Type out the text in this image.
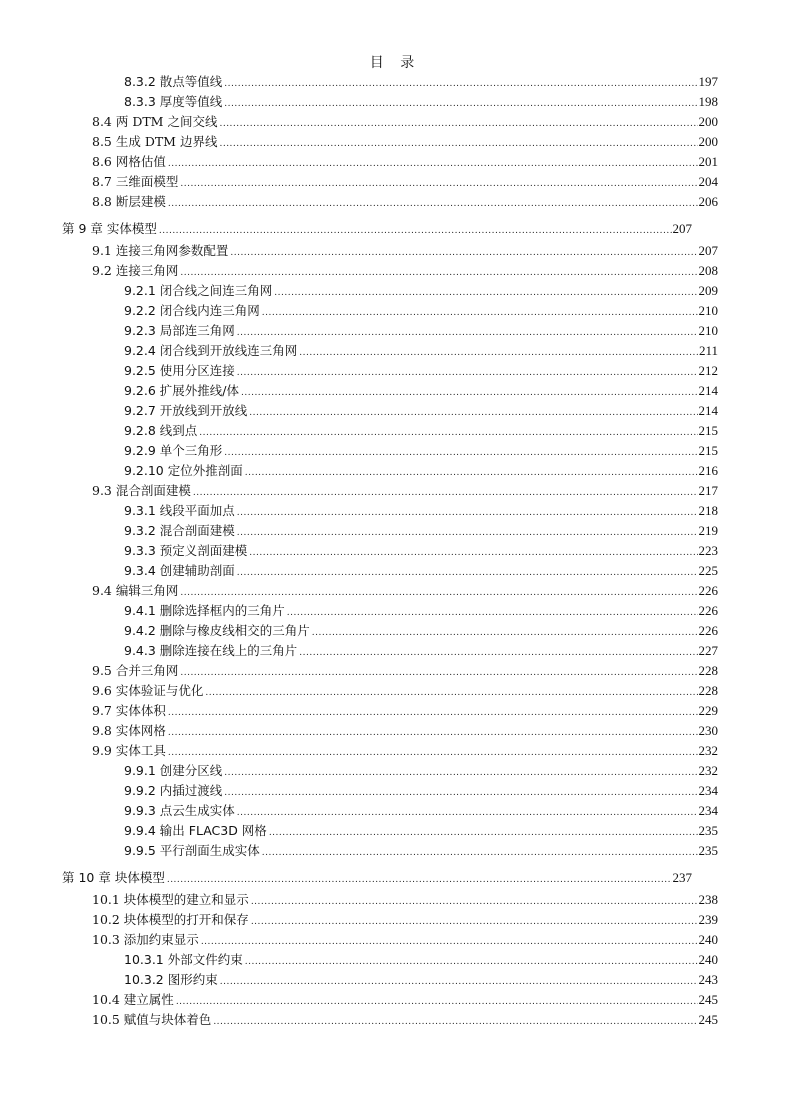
目 录
8.3.2 散点等值线 .....	197
8.3.3 厚度等值线 .....	198
8.4 两 DTM 之间交线 .....	200
8.5 生成 DTM 边界线 .....	200
8.6 网格估值 .....	201
8.7 三维面模型 .....	204
8.8 断层建模 .....	206
第 9 章 实体模型 .....	207
9.1 连接三角网参数配置 .....	207
9.2 连接三角网 .....	208
9.2.1 闭合线之间连三角网 .....	209
9.2.2 闭合线内连三角网 .....	210
9.2.3 局部连三角网 .....	210
9.2.4 闭合线到开放线连三角网 .....	211
9.2.5 使用分区连接 .....	212
9.2.6 扩展外推线/体 .....	214
9.2.7 开放线到开放线 .....	214
9.2.8 线到点 .....	215
9.2.9 单个三角形 .....	215
9.2.10 定位外推剖面 .....	216
9.3 混合剖面建模 .....	217
9.3.1 线段平面加点 .....	218
9.3.2 混合剖面建模 .....	219
9.3.3 预定义剖面建模 .....	223
9.3.4 创建辅助剖面 .....	225
9.4 编辑三角网 .....	226
9.4.1 删除选择框内的三角片 .....	226
9.4.2 删除与橡皮线相交的三角片 .....	226
9.4.3 删除连接在线上的三角片 .....	227
9.5 合并三角网 .....	228
9.6 实体验证与优化 .....	228
9.7 实体体积 .....	229
9.8 实体网格 .....	230
9.9 实体工具 .....	232
9.9.1 创建分区线 .....	232
9.9.2 内插过渡线 .....	234
9.9.3 点云生成实体 .....	234
9.9.4 输出 FLAC3D 网格 .....	235
9.9.5 平行剖面生成实体 .....	235
第 10 章 块体模型 .....	237
10.1 块体模型的建立和显示 .....	238
10.2 块体模型的打开和保存 .....	239
10.3 添加约束显示 .....	240
10.3.1 外部文件约束 .....	240
10.3.2 图形约束 .....	243
10.4 建立属性 .....	245
10.5 赋值与块体着色 .....	245
